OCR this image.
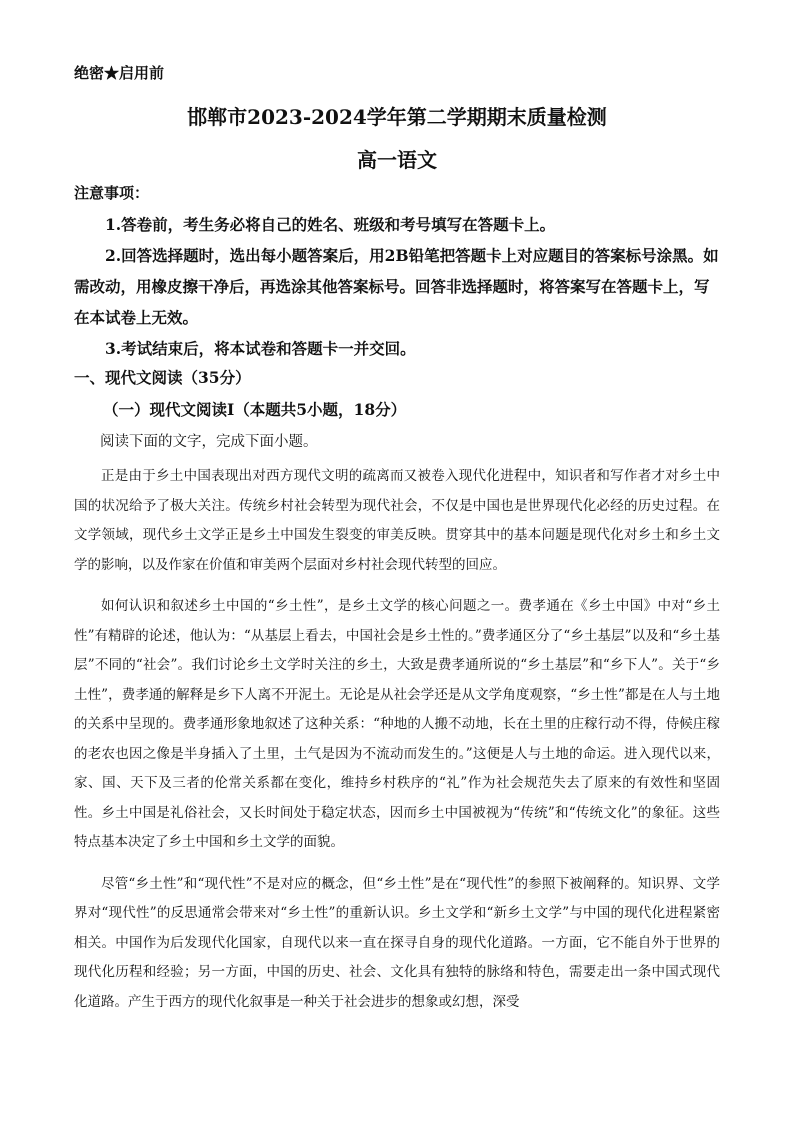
绝密★启用前
邯郸市2023-2024学年第二学期期末质量检测
高一语文
注意事项：

1.答卷前，考生务必将自己的姓名、班级和考号填写在答题卡上。

2.回答选择题时，选出每小题答案后，用2B铅笔把答题卡上对应题目的答案标号涂黑。如需改动，用橡皮擦干净后，再选涂其他答案标号。回答非选择题时，将答案写在答题卡上，写在本试卷上无效。

3.考试结束后，将本试卷和答题卡一并交回。

一、现代文阅读（35分）
（一）现代文阅读Ⅰ（本题共5小题，18分）
阅读下面的文字，完成下面小题。

正是由于乡土中国表现出对西方现代文明的疏离而又被卷入现代化进程中，知识者和写作者才对乡土中国的状况给予了极大关注。传统乡村社会转型为现代社会，不仅是中国也是世界现代化必经的历史过程。在文学领域，现代乡土文学正是乡土中国发生裂变的审美反映。贯穿其中的基本问题是现代化对乡土和乡土文学的影响，以及作家在价值和审美两个层面对乡村社会现代转型的回应。

如何认识和叙述乡土中国的“乡土性”，是乡土文学的核心问题之一。费孝通在《乡土中国》中对“乡土性”有精辟的论述，他认为：“从基层上看去，中国社会是乡土性的。”费孝通区分了“乡土基层”以及和“乡土基层”不同的“社会”。我们讨论乡土文学时关注的乡土，大致是费孝通所说的“乡土基层”和“乡下人”。关于“乡土性”，费孝通的解释是乡下人离不开泥土。无论是从社会学还是从文学角度观察，“乡土性”都是在人与土地的关系中呈现的。费孝通形象地叙述了这种关系：“种地的人搬不动地，长在土里的庄稼行动不得，侍候庄稼的老农也因之像是半身插入了土里，土气是因为不流动而发生的。”这便是人与土地的命运。进入现代以来，家、国、天下及三者的伦常关系都在变化，维持乡村秩序的“礼”作为社会规范失去了原来的有效性和坚固性。乡土中国是礼俗社会，又长时间处于稳定状态，因而乡土中国被视为“传统”和“传统文化”的象征。这些特点基本决定了乡土中国和乡土文学的面貌。

尽管“乡土性”和“现代性”不是对应的概念，但“乡土性”是在“现代性”的参照下被阐释的。知识界、文学界对“现代性”的反思通常会带来对“乡土性”的重新认识。乡土文学和“新乡土文学”与中国的现代化进程紧密相关。中国作为后发现代化国家，自现代以来一直在探寻自身的现代化道路。一方面，它不能自外于世界的现代化历程和经验；另一方面，中国的历史、社会、文化具有独特的脉络和特色，需要走出一条中国式现代化道路。产生于西方的现代化叙事是一种关于社会进步的想象或幻想，深受
